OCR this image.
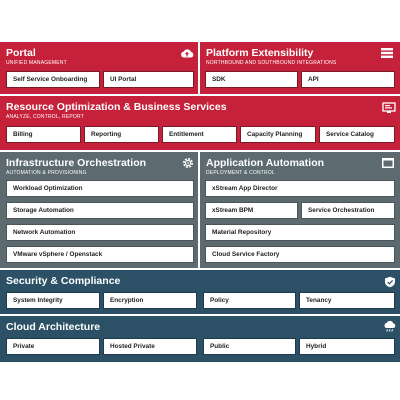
Portal
UNIFIED MANAGEMENT
Self Service Onboarding	UI Portal
Platform Extensibility
NORTHBOUND AND SOUTHBOUND INTEGRATIONS
SDK	API
Resource Optimization & Business Services
ANALYZE, CONTROL, REPORT
Billing	Reporting	Entitlement	Capacity Planning	Service Catalog
Infrastructure Orchestration
AUTOMATION & PROVISIONING
Workload Optimization
Storage Automation
Network Automation
VMware vSphere / Openstack
Application Automation
DEPLOYMENT & CONTROL
xStream App Director
xStream BPM	Service Orchestration
Material Repository
Cloud Service Factory
Security & Compliance
System Integrity	Encryption	Policy	Tenancy
Cloud Architecture
Private	Hosted Private	Public	Hybrid
